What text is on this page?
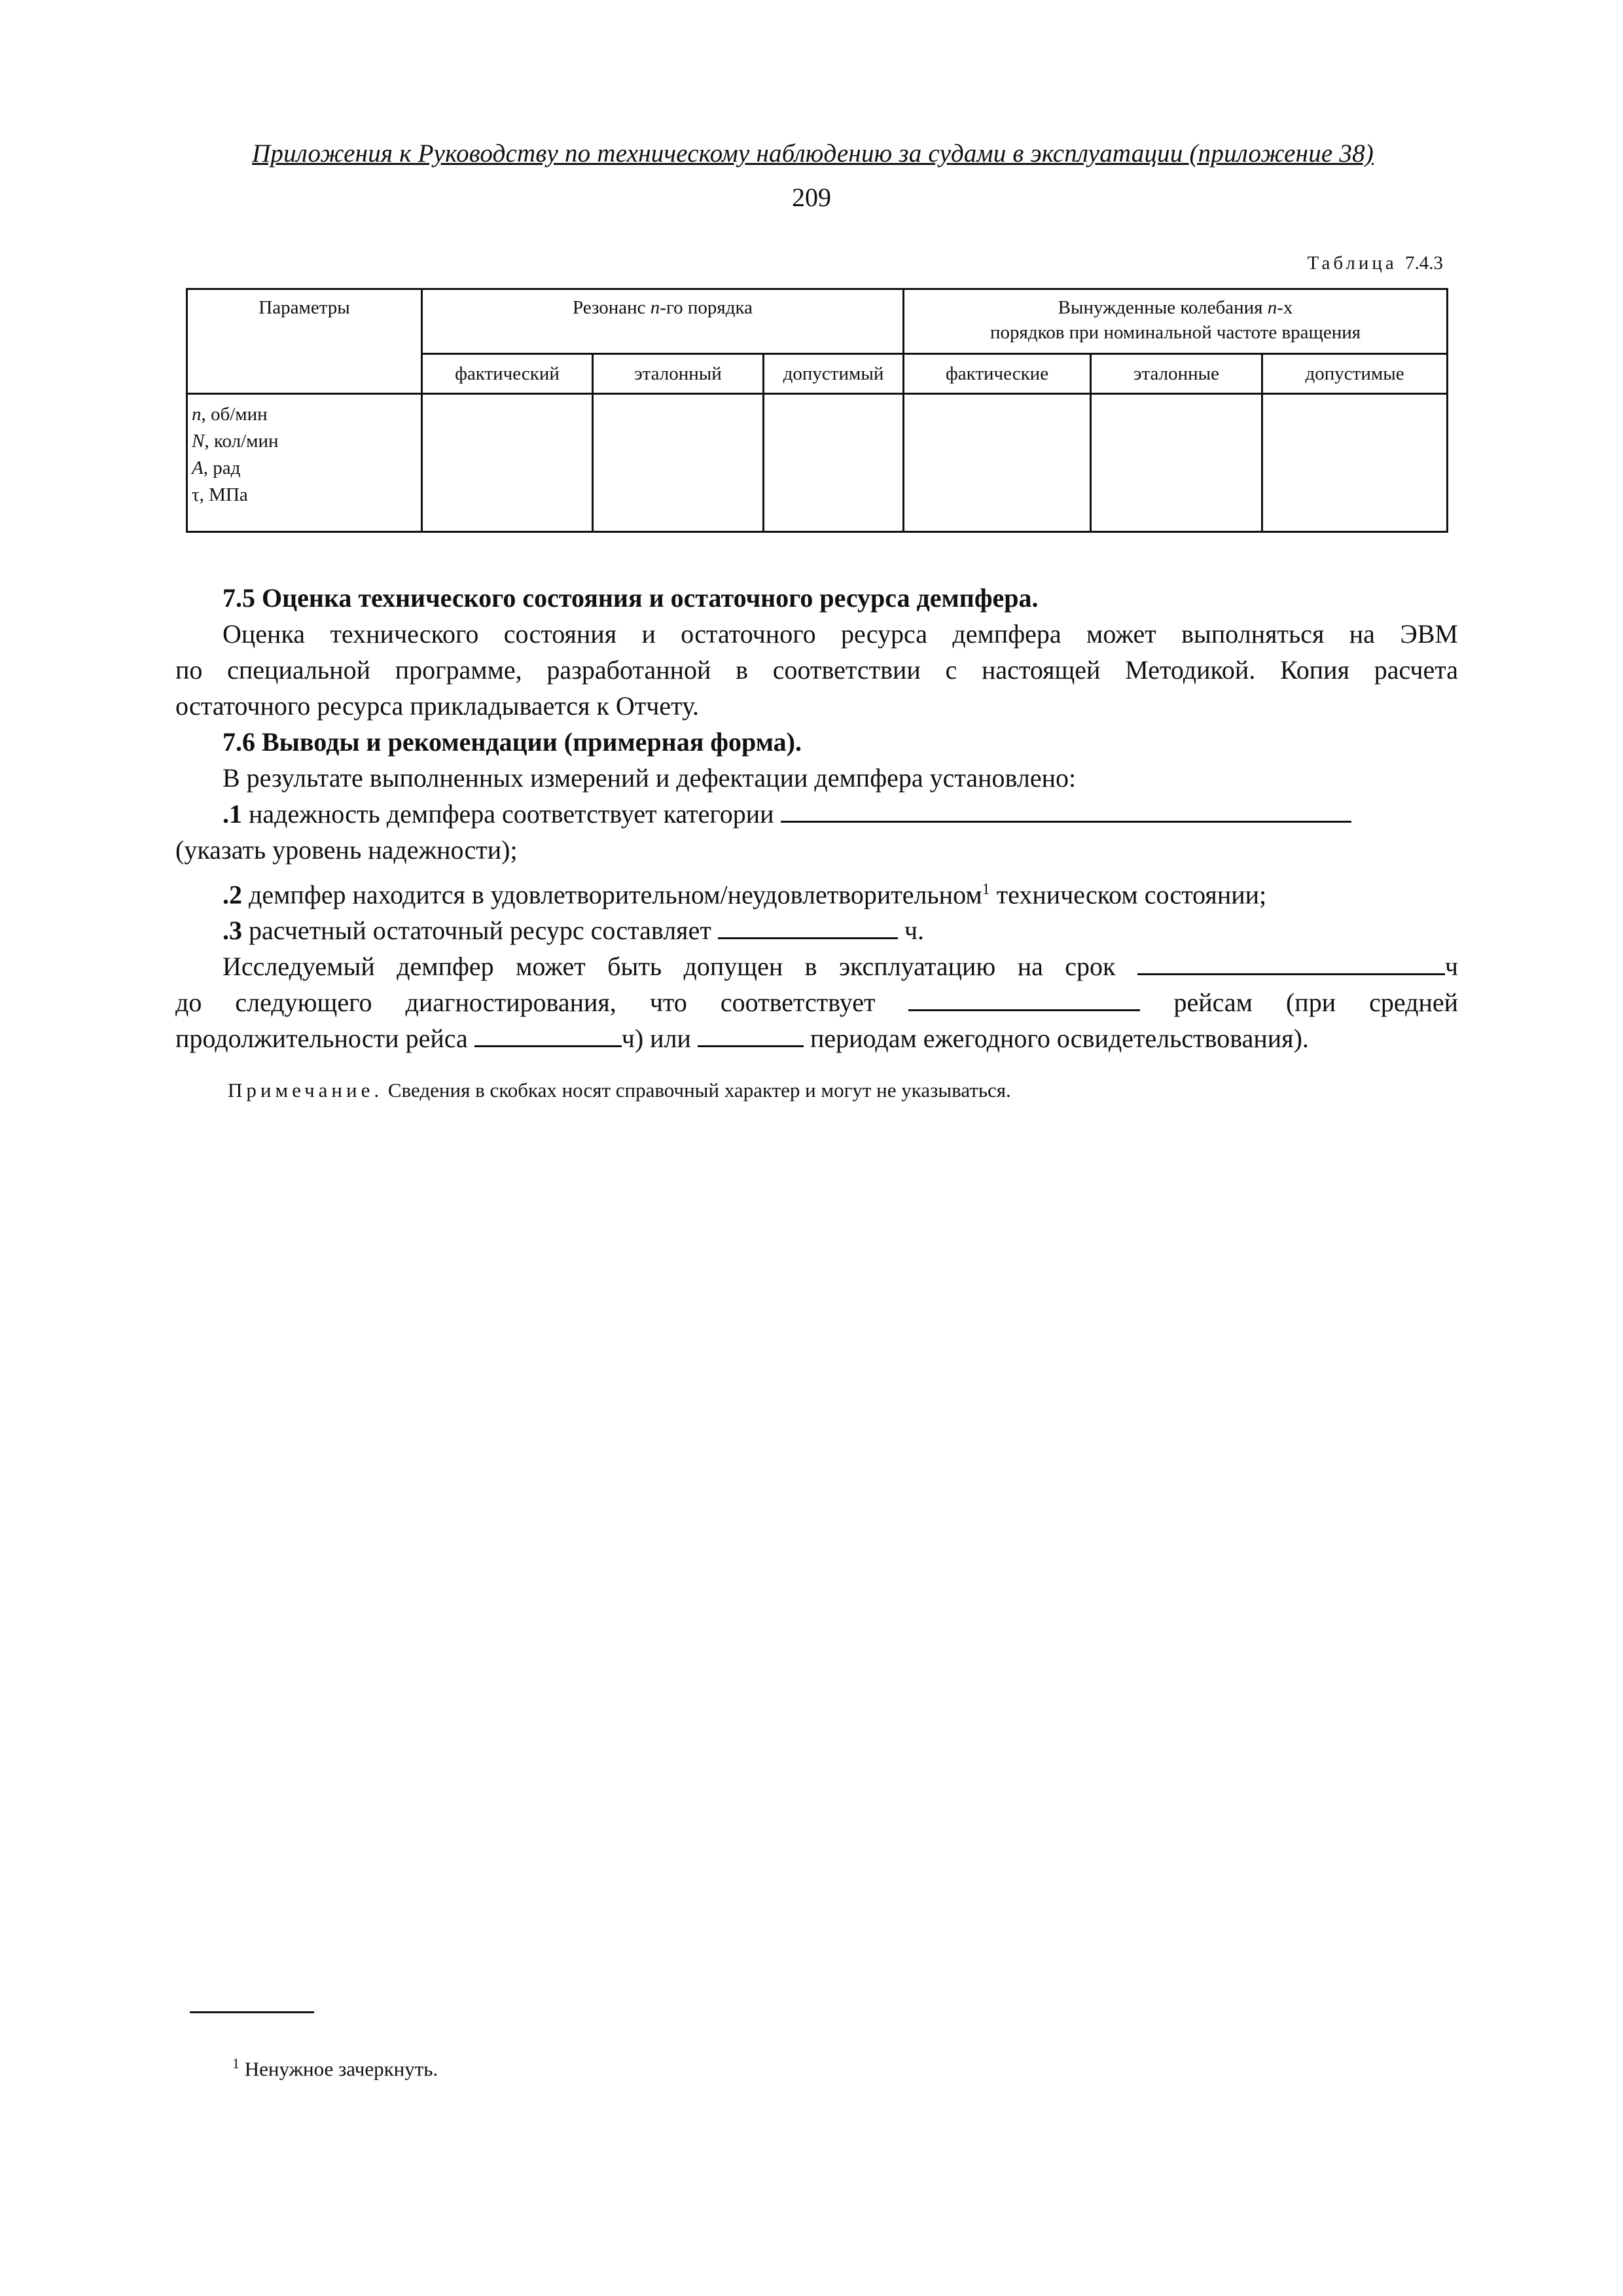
Приложения к Руководству по техническому наблюдению за судами в эксплуатации (приложение 38)
209
Таблица 7.4.3
Параметры	Резонанс n-го порядка			Вынужденные колебания n-х
порядков при номинальной частоте вращения		
	фактический	эталонный	допустимый	фактические	эталонные	допустимые

n, об/мин
N, кол/мин
A, рад
τ, МПа						

7.5 Оценка технического состояния и остаточного ресурса демпфера.

Оценка технического состояния и остаточного ресурса демпфера может выполняться на ЭВМ

по специальной программе, разработанной в соответствии с настоящей Методикой. Копия расчета

остаточного ресурса прикладывается к Отчету.

7.6 Выводы и рекомендации (примерная форма).

В результате выполненных измерений и дефектации демпфера установлено:

.1 надежность демпфера соответствует категории

(указать уровень надежности);

.2 демпфер находится в удовлетворительном/неудовлетворительном$^1$ техническом состоянии;

.3 расчетный остаточный ресурс составляет	ч.

Исследуемый демпфер может быть допущен в эксплуатацию на срок	ч

до следующего диагностирования, что соответствует	рейсам (при средней

продолжительности рейса	ч) или	периодам ежегодного освидетельствования).

Примечание. Сведения в скобках носят справочный характер и могут не указываться.
$^1$ Ненужное зачеркнуть.
